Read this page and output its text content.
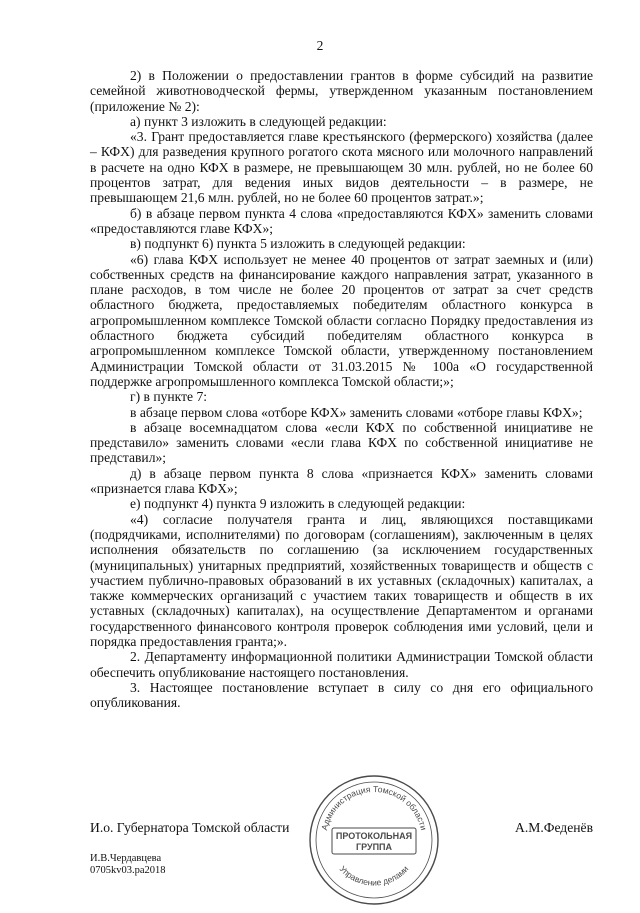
2

2) в Положении о предоставлении грантов в форме субсидий на развитие семейной животноводческой фермы, утвержденном указанным постановлением (приложение № 2):

а) пункт 3 изложить в следующей редакции:

«3. Грант предоставляется главе крестьянского (фермерского) хозяйства (далее – КФХ) для разведения крупного рогатого скота мясного или молочного направлений в расчете на одно КФХ в размере, не превышающем 30 млн. рублей, но не более 60 процентов затрат, для ведения иных видов деятельности – в размере, не превышающем 21,6 млн. рублей, но не более 60 процентов затрат.»;

б) в абзаце первом пункта 4 слова «предоставляются КФХ» заменить словами «предоставляются главе КФХ»;

в) подпункт 6) пункта 5 изложить в следующей редакции:

«6) глава КФХ использует не менее 40 процентов от затрат заемных и (или) собственных средств на финансирование каждого направления затрат, указанного в плане расходов, в том числе не более 20 процентов от затрат за счет средств областного бюджета, предоставляемых победителям областного конкурса в агропромышленном комплексе Томской области согласно Порядку предоставления из областного бюджета субсидий победителям областного конкурса в агропромышленном комплексе Томской области, утвержденному постановлением Администрации Томской области от 31.03.2015 № 100а «О государственной поддержке агропромышленного комплекса Томской области;»;

г) в пункте 7:

в абзаце первом слова «отборе КФХ» заменить словами «отборе главы КФХ»;

в абзаце восемнадцатом слова «если КФХ по собственной инициативе не представило» заменить словами «если глава КФХ по собственной инициативе не представил»;

д) в абзаце первом пункта 8 слова «признается КФХ» заменить словами «признается глава КФХ»;

е) подпункт 4) пункта 9 изложить в следующей редакции:

«4) согласие получателя гранта и лиц, являющихся поставщиками (подрядчиками, исполнителями) по договорам (соглашениям), заключенным в целях исполнения обязательств по соглашению (за исключением государственных (муниципальных) унитарных предприятий, хозяйственных товариществ и обществ с участием публично-правовых образований в их уставных (складочных) капиталах, а также коммерческих организаций с участием таких товариществ и обществ в их уставных (складочных) капиталах), на осуществление Департаментом и органами государственного финансового контроля проверок соблюдения ими условий, цели и порядка предоставления гранта;».

2. Департаменту информационной политики Администрации Томской области обеспечить опубликование настоящего постановления.

3. Настоящее постановление вступает в силу со дня его официального опубликования.

И.о. Губернатора Томской области	А.М.Феденёв
Администрация Томской области
ПРОТОКОЛЬНАЯ
ГРУППА
Управление делами
И.В.Чердавцева
0705kv03.pa2018
